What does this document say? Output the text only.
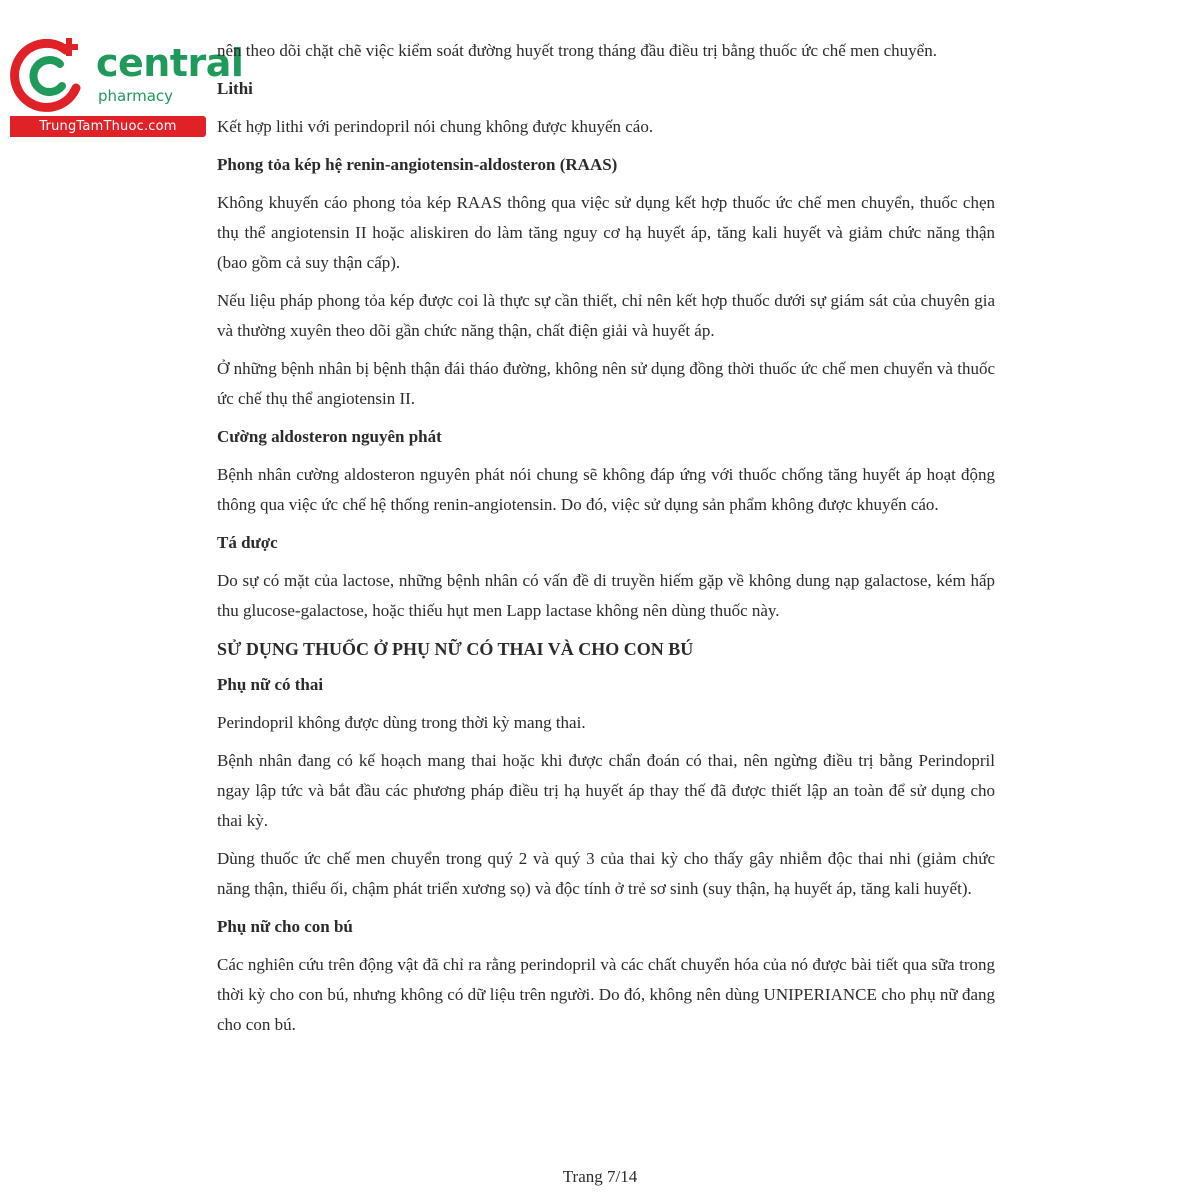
central
pharmacy
TrungTamThuoc.com

nên theo dõi chặt chẽ việc kiểm soát đường huyết trong tháng đầu điều trị bằng thuốc ức chế men chuyển.

Lithi

Kết hợp lithi với perindopril nói chung không được khuyến cáo.

Phong tỏa kép hệ renin-angiotensin-aldosteron (RAAS)

Không khuyến cáo phong tỏa kép RAAS thông qua việc sử dụng kết hợp thuốc ức chế men chuyển, thuốc chẹn thụ thể angiotensin II hoặc aliskiren do làm tăng nguy cơ hạ huyết áp, tăng kali huyết và giảm chức năng thận (bao gồm cả suy thận cấp).

Nếu liệu pháp phong tỏa kép được coi là thực sự cần thiết, chỉ nên kết hợp thuốc dưới sự giám sát của chuyên gia và thường xuyên theo dõi gần chức năng thận, chất điện giải và huyết áp.

Ở những bệnh nhân bị bệnh thận đái tháo đường, không nên sử dụng đồng thời thuốc ức chế men chuyển và thuốc ức chế thụ thể angiotensin II.

Cường aldosteron nguyên phát

Bệnh nhân cường aldosteron nguyên phát nói chung sẽ không đáp ứng với thuốc chống tăng huyết áp hoạt động thông qua việc ức chế hệ thống renin-angiotensin. Do đó, việc sử dụng sản phẩm không được khuyến cáo.

Tá dược

Do sự có mặt của lactose, những bệnh nhân có vấn đề di truyền hiếm gặp về không dung nạp galactose, kém hấp thu glucose-galactose, hoặc thiếu hụt men Lapp lactase không nên dùng thuốc này.

SỬ DỤNG THUỐC Ở PHỤ NỮ CÓ THAI VÀ CHO CON BÚ
Phụ nữ có thai

Perindopril không được dùng trong thời kỳ mang thai.

Bệnh nhân đang có kế hoạch mang thai hoặc khi được chẩn đoán có thai, nên ngừng điều trị bằng Perindopril ngay lập tức và bắt đầu các phương pháp điều trị hạ huyết áp thay thế đã được thiết lập an toàn để sử dụng cho thai kỳ.

Dùng thuốc ức chế men chuyển trong quý 2 và quý 3 của thai kỳ cho thấy gây nhiễm độc thai nhi (giảm chức năng thận, thiểu ối, chậm phát triển xương sọ) và độc tính ở trẻ sơ sinh (suy thận, hạ huyết áp, tăng kali huyết).

Phụ nữ cho con bú

Các nghiên cứu trên động vật đã chỉ ra rằng perindopril và các chất chuyển hóa của nó được bài tiết qua sữa trong thời kỳ cho con bú, nhưng không có dữ liệu trên người. Do đó, không nên dùng UNIPERIANCE cho phụ nữ đang cho con bú.

Trang 7/14
